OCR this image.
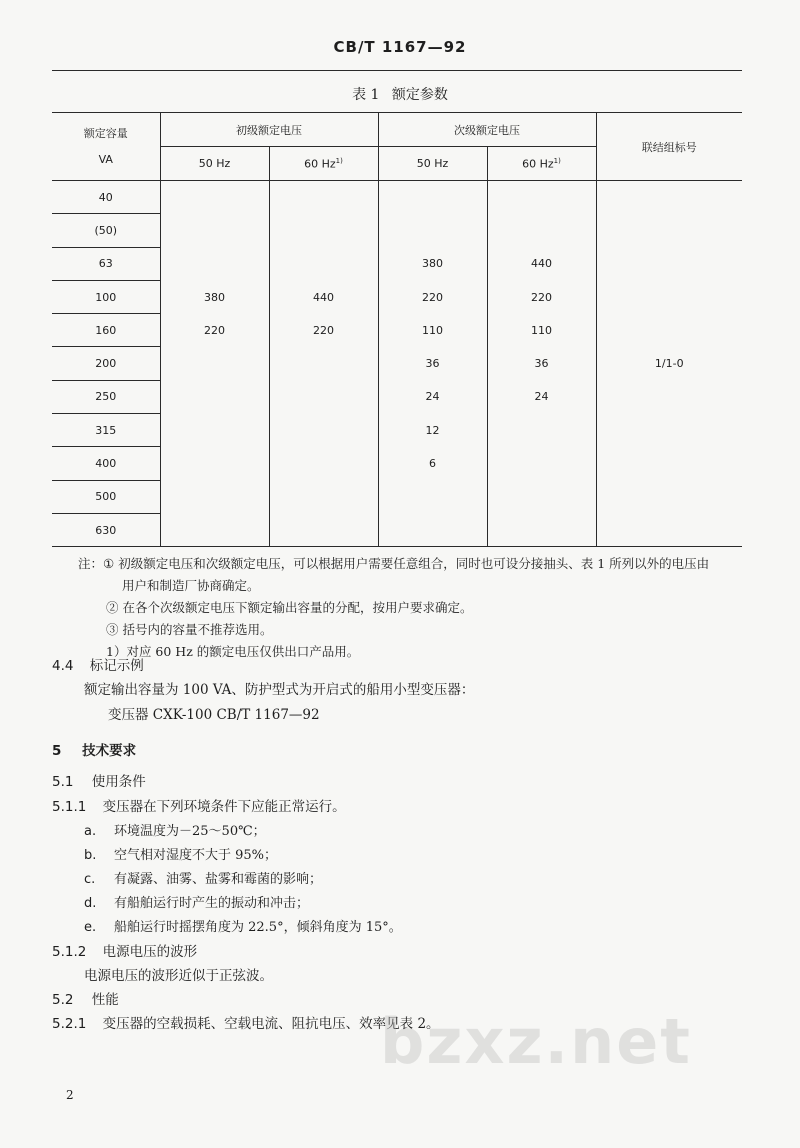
CB/T 1167—92
表 1 额定参数
额定容量
VA	初级额定电压		次级额定电压		联结组标号
	50 Hz	60 Hz$^{1)}$	50 Hz	60 Hz$^{1)}$
40					
(50)					
63			380	440	
100	380	440	220	220	
160	220	220	110	110	
200			36	36	1/1-0
250			24	24	
315			12		
400			6		
500					
630					
注： ① 初级额定电压和次级额定电压，可以根据用户需要任意组合，同时也可设分接抽头、表 1 所列以外的电压由
用户和制造厂协商确定。
② 在各个次级额定电压下额定输出容量的分配，按用户要求确定。
③ 括号内的容量不推荐选用。
1）对应 60 Hz 的额定电压仅供出口产品用。
4.4 标记示例
额定输出容量为 100 VA、防护型式为开启式的船用小型变压器：
变压器 CXK-100 CB/T 1167—92
5 技术要求
5.1 使用条件
5.1.1 变压器在下列环境条件下应能正常运行。
a. 环境温度为－25～50℃；
b. 空气相对湿度不大于 95%；
c. 有凝露、油雾、盐雾和霉菌的影响；
d. 有船舶运行时产生的振动和冲击；
e. 船舶运行时摇摆角度为 22.5°，倾斜角度为 15°。
5.1.2 电源电压的波形
电源电压的波形近似于正弦波。
5.2 性能
5.2.1 变压器的空载损耗、空载电流、阻抗电压、效率见表 2。
bzxz.net
2
